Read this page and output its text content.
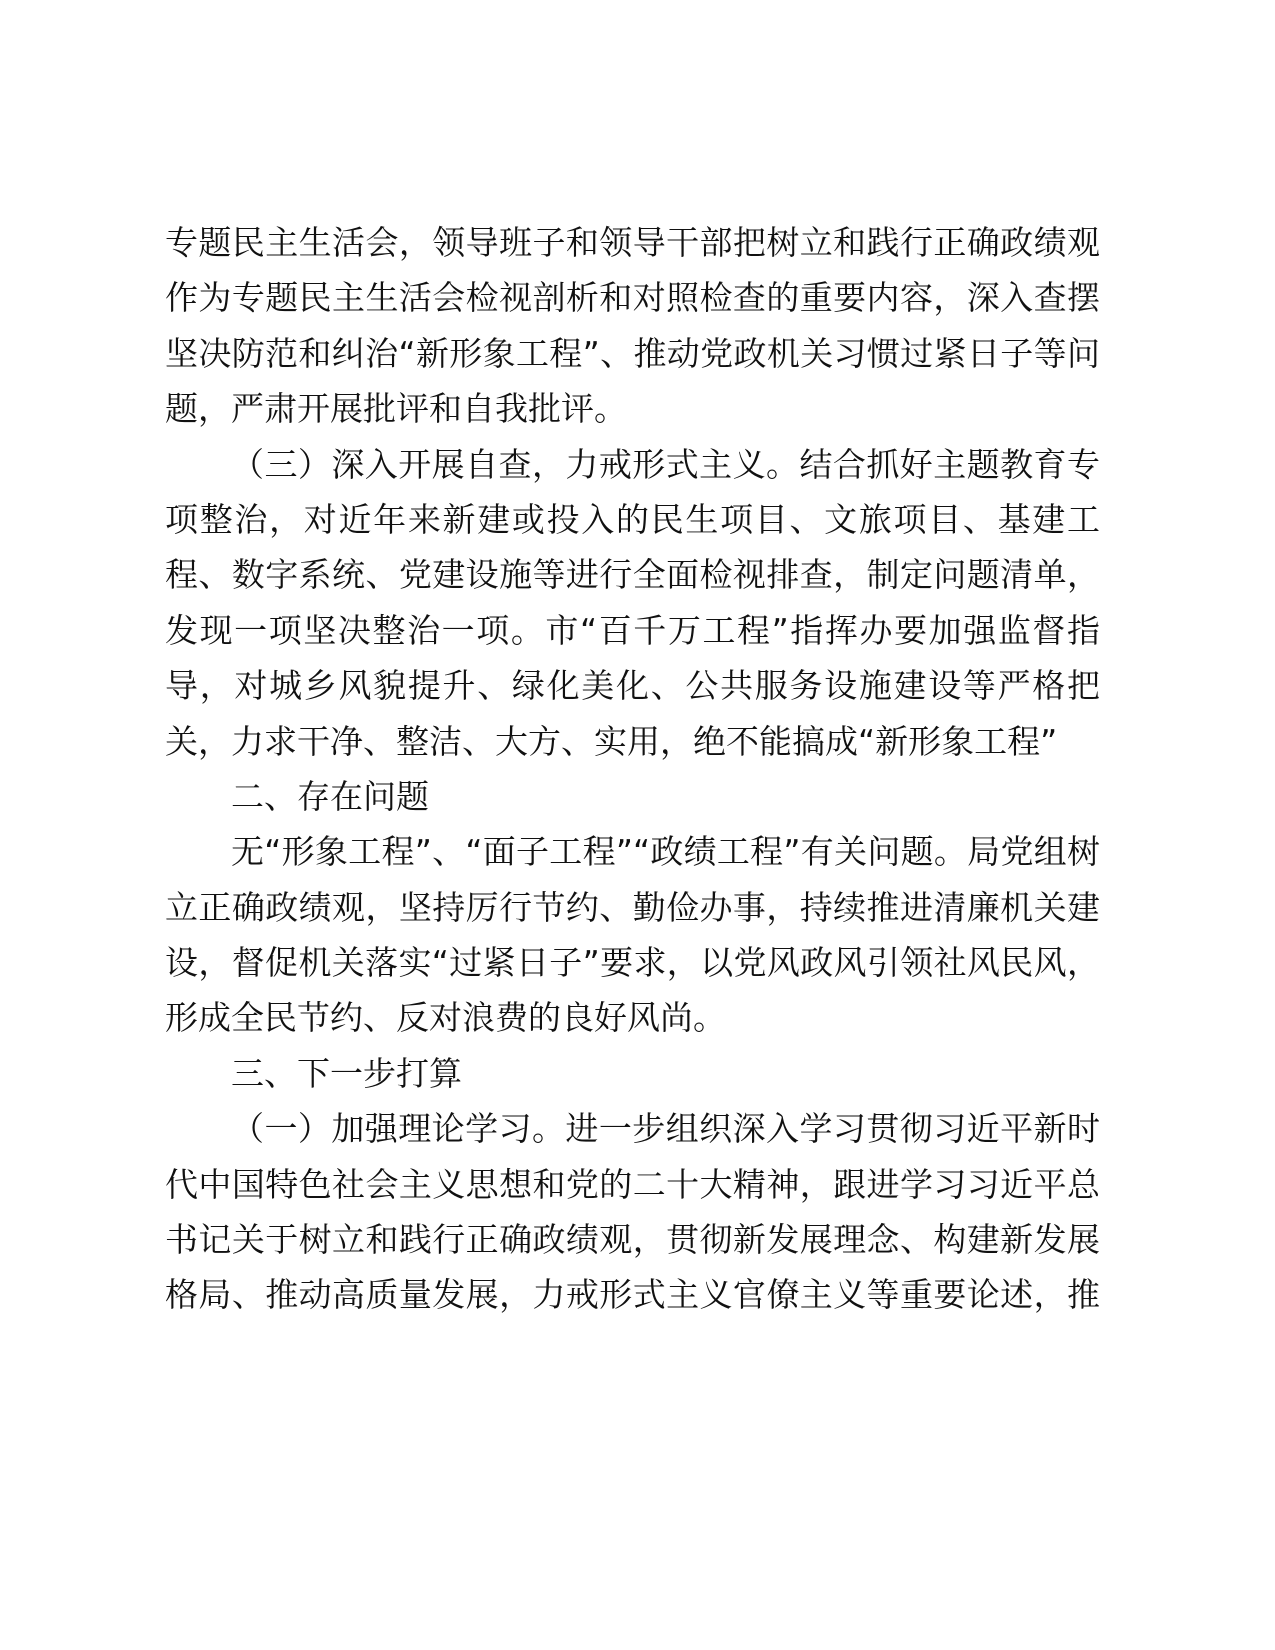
专题民主生活会，领导班子和领导干部把树立和践行正确政绩观
作为专题民主生活会检视剖析和对照检查的重要内容，深入查摆
坚决防范和纠治“新形象工程”、推动党政机关习惯过紧日子等问
题，严肃开展批评和自我批评。
（三）深入开展自查，力戒形式主义。结合抓好主题教育专
项整治，对近年来新建或投入的民生项目、文旅项目、基建工
程、数字系统、党建设施等进行全面检视排查，制定问题清单，
发现一项坚决整治一项。市“百千万工程”指挥办要加强监督指
导，对城乡风貌提升、绿化美化、公共服务设施建设等严格把
关，力求干净、整洁、大方、实用，绝不能搞成“新形象工程”
二、存在问题
无“形象工程”、“面子工程”“政绩工程”有关问题。局党组树
立正确政绩观，坚持厉行节约、勤俭办事，持续推进清廉机关建
设，督促机关落实“过紧日子”要求，以党风政风引领社风民风，
形成全民节约、反对浪费的良好风尚。
三、下一步打算
（一）加强理论学习。进一步组织深入学习贯彻习近平新时
代中国特色社会主义思想和党的二十大精神，跟进学习习近平总
书记关于树立和践行正确政绩观，贯彻新发展理念、构建新发展
格局、推动高质量发展，力戒形式主义官僚主义等重要论述，推
